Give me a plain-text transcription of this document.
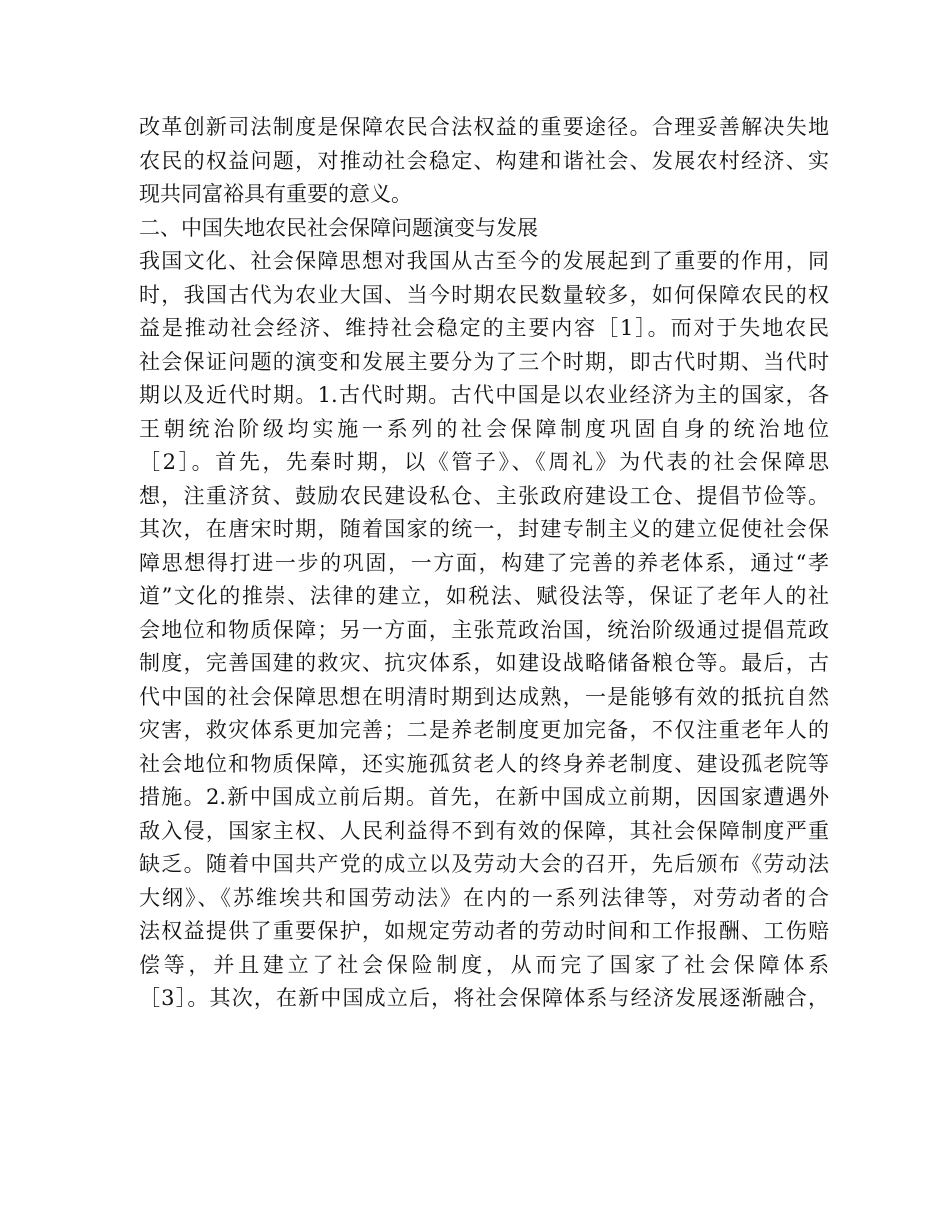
改革创新司法制度是保障农民合法权益的重要途径。合理妥善解决失地
农民的权益问题，对推动社会稳定、构建和谐社会、发展农村经济、实
现共同富裕具有重要的意义。
二、中国失地农民社会保障问题演变与发展
我国文化、社会保障思想对我国从古至今的发展起到了重要的作用，同
时，我国古代为农业大国、当今时期农民数量较多，如何保障农民的权
益是推动社会经济、维持社会稳定的主要内容［1］。而对于失地农民
社会保证问题的演变和发展主要分为了三个时期，即古代时期、当代时
期以及近代时期。1.古代时期。古代中国是以农业经济为主的国家，各
王朝统治阶级均实施一系列的社会保障制度巩固自身的统治地位
［2］。首先，先秦时期，以《管子》、《周礼》为代表的社会保障思
想，注重济贫、鼓励农民建设私仓、主张政府建设工仓、提倡节俭等。
其次，在唐宋时期，随着国家的统一，封建专制主义的建立促使社会保
障思想得打进一步的巩固，一方面，构建了完善的养老体系，通过“孝
道”文化的推崇、法律的建立，如税法、赋役法等，保证了老年人的社
会地位和物质保障；另一方面，主张荒政治国，统治阶级通过提倡荒政
制度，完善国建的救灾、抗灾体系，如建设战略储备粮仓等。最后，古
代中国的社会保障思想在明清时期到达成熟，一是能够有效的抵抗自然
灾害，救灾体系更加完善；二是养老制度更加完备，不仅注重老年人的
社会地位和物质保障，还实施孤贫老人的终身养老制度、建设孤老院等
措施。2.新中国成立前后期。首先，在新中国成立前期，因国家遭遇外
敌入侵，国家主权、人民利益得不到有效的保障，其社会保障制度严重
缺乏。随着中国共产党的成立以及劳动大会的召开，先后颁布《劳动法
大纲》、《苏维埃共和国劳动法》在内的一系列法律等，对劳动者的合
法权益提供了重要保护，如规定劳动者的劳动时间和工作报酬、工伤赔
偿等，并且建立了社会保险制度，从而完了国家了社会保障体系
［3］。其次，在新中国成立后，将社会保障体系与经济发展逐渐融合，
